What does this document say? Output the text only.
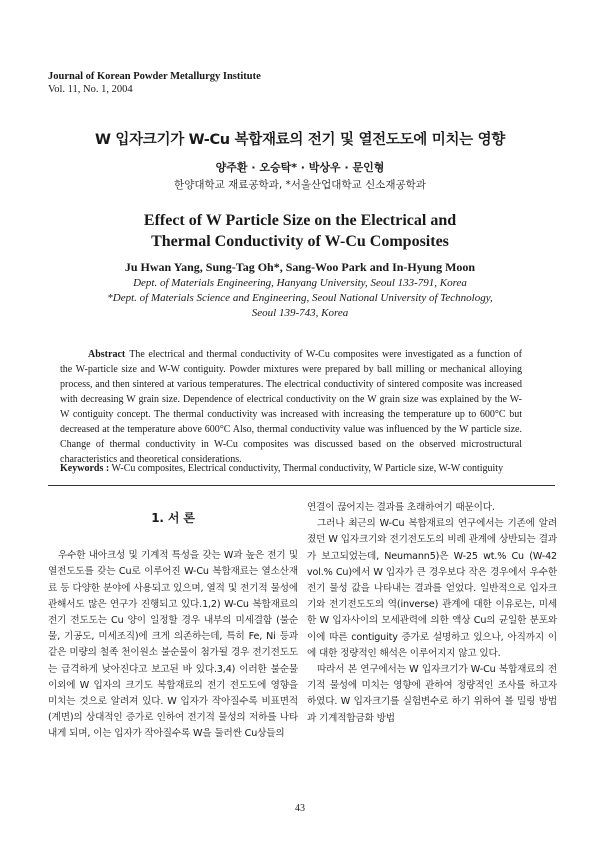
Journal of Korean Powder Metallurgy Institute
Vol. 11, No. 1, 2004
W 입자크기가 W-Cu 복합재료의 전기 및 열전도도에 미치는 영향
양주환 · 오승탁* · 박상우 · 문인형
한양대학교 재료공학과, *서울산업대학교 신소재공학과
Effect of W Particle Size on the Electrical and
Thermal Conductivity of W-Cu Composites
Ju Hwan Yang, Sung-Tag Oh*, Sang-Woo Park and In-Hyung Moon
Dept. of Materials Engineering, Hanyang University, Seoul 133-791, Korea
*Dept. of Materials Science and Engineering, Seoul National University of Technology,
Seoul 139-743, Korea
Abstract The electrical and thermal conductivity of W-Cu composites were investigated as a function of the W-particle size and W-W contiguity. Powder mixtures were prepared by ball milling or mechanical alloying process, and then sintered at various temperatures. The electrical conductivity of sintered composite was increased with decreasing W grain size. Dependence of electrical conductivity on the W grain size was explained by the W-W contiguity concept. The thermal conductivity was increased with increasing the temperature up to 600°C but decreased at the temperature above 600°C Also, thermal conductivity value was influenced by the W particle size. Change of thermal conductivity in W-Cu composites was discussed based on the observed microstructural characteristics and theoretical considerations.
Keywords : W-Cu composites, Electrical conductivity, Thermal conductivity, W Particle size, W-W contiguity
1. 서 론

우수한 내아크성 및 기계적 특성을 갖는 W과 높은 전기 및 열전도도를 갖는 Cu로 이루어진 W-Cu 복합재료는 열소산재료 등 다양한 분야에 사용되고 있으며, 열적 및 전기적 물성에 관해서도 많은 연구가 진행되고 있다.1,2) W-Cu 복합재료의 전기 전도도는 Cu 양이 일정할 경우 내부의 미세결함 (불순물, 기공도, 미세조직)에 크게 의존하는데, 특히 Fe, Ni 등과 같은 미량의 철족 천이원소 불순물이 첨가될 경우 전기전도도는 급격하게 낮아진다고 보고된 바 있다.3,4) 이러한 불순물이외에 W 입자의 크기도 복합재료의 전기 전도도에 영향을 미치는 것으로 알려져 있다. W 입자가 작아질수록 비표면적(계면)의 상대적인 증가로 인하여 전기적 물성의 저하를 나타내게 되며, 이는 입자가 작아질수록 W을 둘러싼 Cu상들의

연결이 끊어지는 결과를 초래하여기 때문이다.

그러나 최근의 W-Cu 복합재료의 연구에서는 기존에 알려졌던 W 입자크기와 전기전도도의 비례 관계에 상반되는 결과가 보고되었는데, Neumann5)은 W-25 wt.% Cu (W-42 vol.% Cu)에서 W 입자가 큰 경우보다 작은 경우에서 우수한 전기 물성 값을 나타내는 결과를 얻었다. 일반적으로 입자크기와 전기전도도의 역(inverse) 관계에 대한 이유로는, 미세한 W 입자사이의 모세관력에 의한 액상 Cu의 균일한 분포와 이에 따른 contiguity 증가로 설명하고 있으나, 아직까지 이에 대한 정량적인 해석은 이루어지지 않고 있다.

따라서 본 연구에서는 W 입자크기가 W-Cu 복합재료의 전기적 물성에 미치는 영향에 관하여 정량적인 조사를 하고자 하였다. W 입자크기를 실험변수로 하기 위하여 볼 밀링 방법과 기계적합금화 방법

43
